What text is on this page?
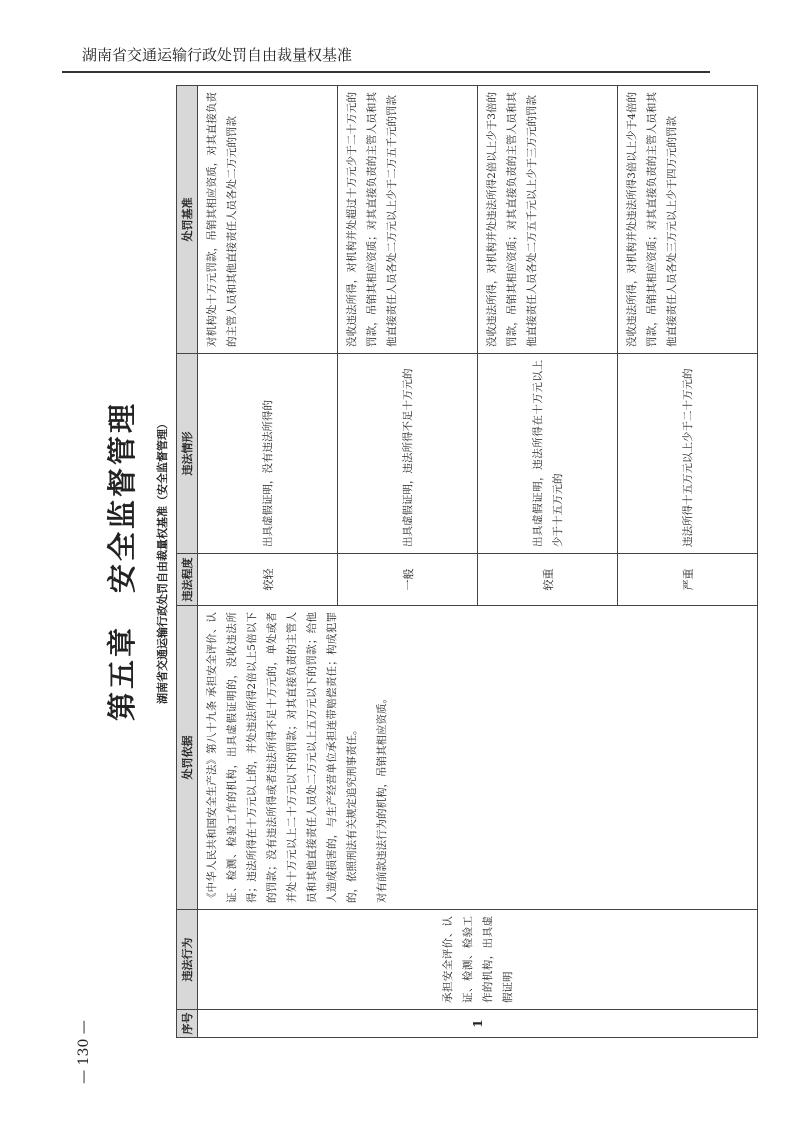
湖南省交通运输行政处罚自由裁量权基准
— 130 —
第五章　安全监督管理 湖南省交通运输行政处罚自由裁量权基准（安全监督管理）
序号	违法行为	处罚依据	违法程度	违法情形	处罚基准
1	承担安全评价、认证、检测、检验工作的机构，出具虚假证明	《中华人民共和国安全生产法》第八十九条 承担安全评价、认证、检测、检验工作的机构，出具虚假证明的，没收违法所得；违法所得在十万元以上的，并处违法所得2倍以上5倍以下的罚款；没有违法所得或者违法所得不足十万元的，单处或者并处十万元以上二十万元以下的罚款；对其直接负责的主管人员和其他直接责任人员处二万元以上五万元以下的罚款；给他人造成损害的，与生产经营单位承担连带赔偿责任；构成犯罪的，依照刑法有关规定追究刑事责任。 对有前款违法行为的机构，吊销其相应资质。	较轻	出具虚假证明，没有违法所得的	对机构处十万元罚款，吊销其相应资质，对其直接负责的主管人员和其他直接责任人员各处二万元的罚款
			一般	出具虚假证明，违法所得不足十万元的	没收违法所得，对机构并处超过十万元少于二十万元的罚款，吊销其相应资质；对其直接负责的主管人员和其他直接责任人员各处二万元以上少于二万五千元的罚款
			较重	出具虚假证明，违法所得在十万元以上少于十五万元的	没收违法所得，对机构并处违法所得2倍以上少于3倍的罚款，吊销其相应资质；对其直接负责的主管人员和其他直接责任人员各处二万五千元以上少于三万元的罚款
			严重	违法所得十五万元以上少于二十万元的	没收违法所得，对机构并处违法所得3倍以上少于4倍的罚款，吊销其相应资质；对其直接负责的主管人员和其他直接责任人员各处三万元以上少于四万元的罚款
